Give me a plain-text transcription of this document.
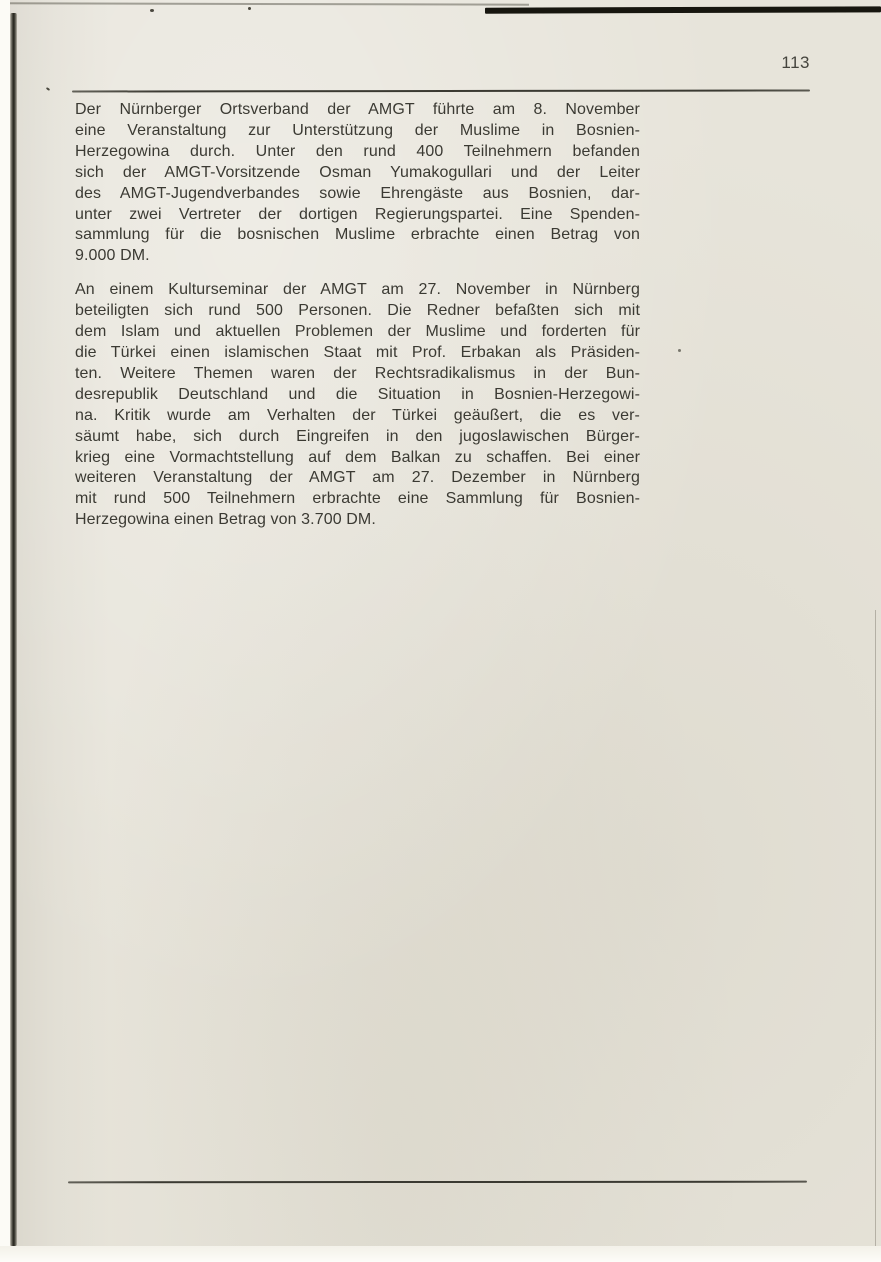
113
Der Nürnberger Ortsverband der AMGT führte am 8. November
eine Veranstaltung zur Unterstützung der Muslime in Bosnien-
Herzegowina durch. Unter den rund 400 Teilnehmern befanden
sich der AMGT-Vorsitzende Osman Yumakogullari und der Leiter
des AMGT-Jugendverbandes sowie Ehrengäste aus Bosnien, dar-
unter zwei Vertreter der dortigen Regierungspartei. Eine Spenden-
sammlung für die bosnischen Muslime erbrachte einen Betrag von
9.000 DM.
An einem Kulturseminar der AMGT am 27. November in Nürnberg
beteiligten sich rund 500 Personen. Die Redner befaßten sich mit
dem Islam und aktuellen Problemen der Muslime und forderten für
die Türkei einen islamischen Staat mit Prof. Erbakan als Präsiden-
ten. Weitere Themen waren der Rechtsradikalismus in der Bun-
desrepublik Deutschland und die Situation in Bosnien-Herzegowi-
na. Kritik wurde am Verhalten der Türkei geäußert, die es ver-
säumt habe, sich durch Eingreifen in den jugoslawischen Bürger-
krieg eine Vormachtstellung auf dem Balkan zu schaffen. Bei einer
weiteren Veranstaltung der AMGT am 27. Dezember in Nürnberg
mit rund 500 Teilnehmern erbrachte eine Sammlung für Bosnien-
Herzegowina einen Betrag von 3.700 DM.
